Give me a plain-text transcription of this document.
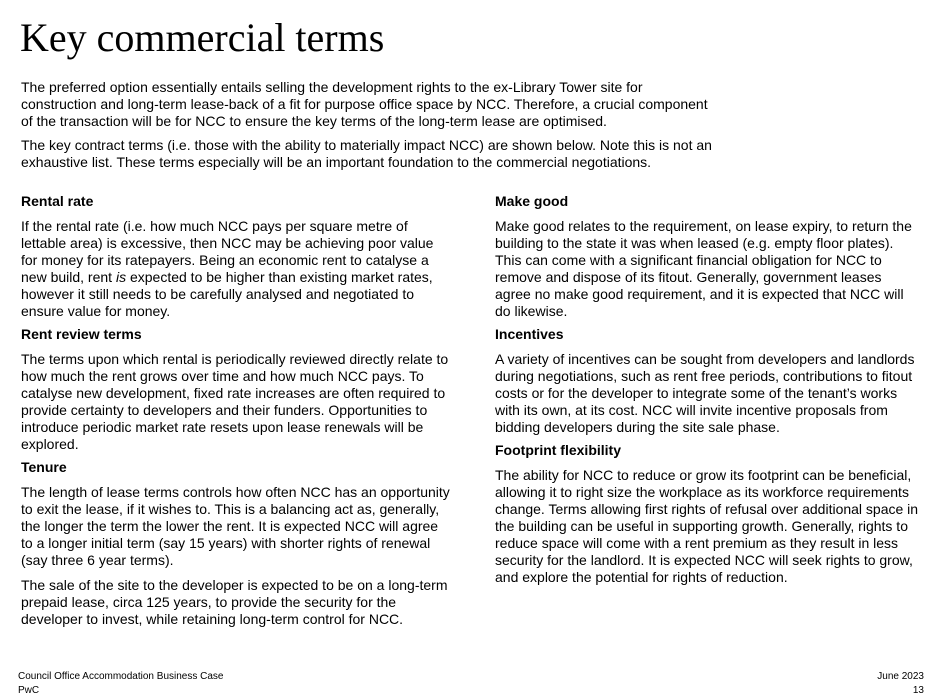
Key commercial terms

The preferred option essentially entails selling the development rights to the ex-Library Tower site for construction and long-term lease-back of a fit for purpose office space by NCC. Therefore, a crucial component of the transaction will be for NCC to ensure the key terms of the long-term lease are optimised.

The key contract terms (i.e. those with the ability to materially impact NCC) are shown below. Note this is not an exhaustive list. These terms especially will be an important foundation to the commercial negotiations.

Rental rate

If the rental rate (i.e. how much NCC pays per square metre of lettable area) is excessive, then NCC may be achieving poor value for money for its ratepayers. Being an economic rent to catalyse a new build, rent is expected to be higher than existing market rates, however it still needs to be carefully analysed and negotiated to ensure value for money.

Rent review terms

The terms upon which rental is periodically reviewed directly relate to how much the rent grows over time and how much NCC pays. To catalyse new development, fixed rate increases are often required to provide certainty to developers and their funders. Opportunities to introduce periodic market rate resets upon lease renewals will be explored.

Tenure

The length of lease terms controls how often NCC has an opportunity to exit the lease, if it wishes to. This is a balancing act as, generally, the longer the term the lower the rent. It is expected NCC will agree to a longer initial term (say 15 years) with shorter rights of renewal (say three 6 year terms).

The sale of the site to the developer is expected to be on a long-term prepaid lease, circa 125 years, to provide the security for the developer to invest, while retaining long-term control for NCC.

Make good

Make good relates to the requirement, on lease expiry, to return the building to the state it was when leased (e.g. empty floor plates). This can come with a significant financial obligation for NCC to remove and dispose of its fitout. Generally, government leases agree no make good requirement, and it is expected that NCC will do likewise.

Incentives

A variety of incentives can be sought from developers and landlords during negotiations, such as rent free periods, contributions to fitout costs or for the developer to integrate some of the tenant’s works with its own, at its cost. NCC will invite incentive proposals from bidding developers during the site sale phase.

Footprint flexibility

The ability for NCC to reduce or grow its footprint can be beneficial, allowing it to right size the workplace as its workforce requirements change. Terms allowing first rights of refusal over additional space in the building can be useful in supporting growth. Generally, rights to reduce space will come with a rent premium as they result in less security for the landlord. It is expected NCC will seek rights to grow, and explore the potential for rights of reduction.

Council Office Accommodation Business Case
PwC
June 2023
13
